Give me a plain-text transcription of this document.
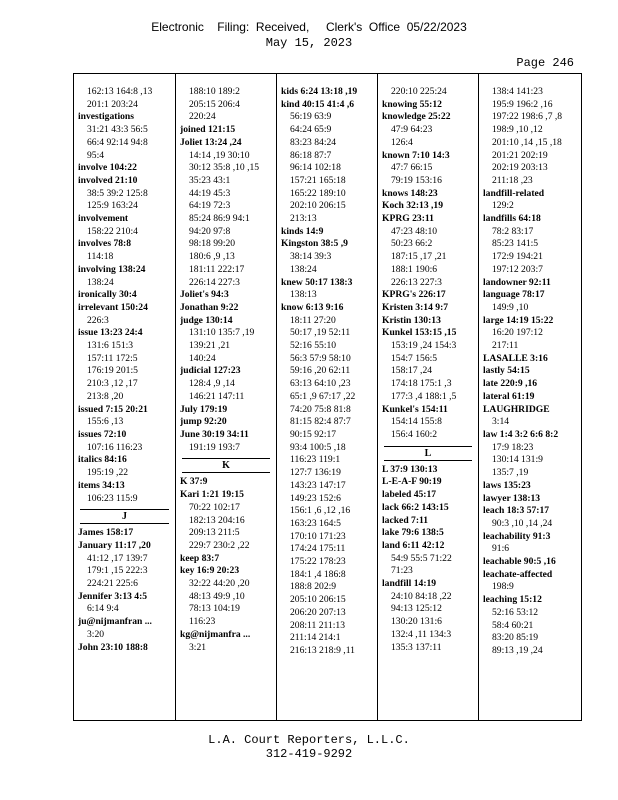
Electronic    Filing:  Received,     Clerk's  Office  05/22/2023
May 15, 2023
Page 246
162:13 164:8 ,13
201:1 203:24
investigations
31:21 43:3 56:5
66:4 92:14 94:8
95:4
involve 104:22
involved 21:10
38:5 39:2 125:8
125:9 163:24
involvement
158:22 210:4
involves 78:8
114:18
involving 138:24
138:24
ironically 30:4
irrelevant 150:24
226:3
issue 13:23 24:4
131:6 151:3
157:11 172:5
176:19 201:5
210:3 ,12 ,17
213:8 ,20
issued 7:15 20:21
155:6 ,13
issues 72:10
107:16 116:23
italics 84:16
195:19 ,22
items 34:13
106:23 115:9
J
James 158:17
January 11:17 ,20
41:12 ,17 139:7
179:1 ,15 222:3
224:21 225:6
Jennifer 3:13 4:5
6:14 9:4
ju@nijmanfran ...
3:20
John 23:10 188:8
188:10 189:2
205:15 206:4
220:24
joined 121:15
Joliet 13:24 ,24
14:14 ,19 30:10
30:12 35:8 ,10 ,15
35:23 43:1
44:19 45:3
64:19 72:3
85:24 86:9 94:1
94:20 97:8
98:18 99:20
180:6 ,9 ,13
181:11 222:17
226:14 227:3
Joliet's 94:3
Jonathan 9:22
judge 130:14
131:10 135:7 ,19
139:21 ,21
140:24
judicial 127:23
128:4 ,9 ,14
146:21 147:11
July 179:19
jump 92:20
June 30:19 34:11
191:19 193:7
K
K 37:9
Kari 1:21 19:15
70:22 102:17
182:13 204:16
209:13 211:5
229:7 230:2 ,22
keep 83:7
key 16:9 20:23
32:22 44:20 ,20
48:13 49:9 ,10
78:13 104:19
116:23
kg@nijmanfra ...
3:21
kids 6:24 13:18 ,19
kind 40:15 41:4 ,6
56:19 63:9
64:24 65:9
83:23 84:24
86:18 87:7
96:14 102:18
157:21 165:18
165:22 189:10
202:10 206:15
213:13
kinds 14:9
Kingston 38:5 ,9
38:14 39:3
138:24
knew 50:17 138:3
138:13
know 6:13 9:16
18:11 27:20
50:17 ,19 52:11
52:16 55:10
56:3 57:9 58:10
59:16 ,20 62:11
63:13 64:10 ,23
65:1 ,9 67:17 ,22
74:20 75:8 81:8
81:15 82:4 87:7
90:15 92:17
93:4 100:5 ,18
116:23 119:1
127:7 136:19
143:23 147:17
149:23 152:6
156:1 ,6 ,12 ,16
163:23 164:5
170:10 171:23
174:24 175:11
175:22 178:23
184:1 ,4 186:8
188:8 202:9
205:10 206:15
206:20 207:13
208:11 211:13
211:14 214:1
216:13 218:9 ,11
220:10 225:24
knowing 55:12
knowledge 25:22
47:9 64:23
126:4
known 7:10 14:3
47:7 66:15
79:19 153:16
knows 148:23
Koch 32:13 ,19
KPRG 23:11
47:23 48:10
50:23 66:2
187:15 ,17 ,21
188:1 190:6
226:13 227:3
KPRG's 226:17
Kristen 3:14 9:7
Kristin 130:13
Kunkel 153:15 ,15
153:19 ,24 154:3
154:7 156:5
158:17 ,24
174:18 175:1 ,3
177:3 ,4 188:1 ,5
Kunkel's 154:11
154:14 155:8
156:4 160:2
L
L 37:9 130:13
L-E-A-F 90:19
labeled 45:17
lack 66:2 143:15
lacked 7:11
lake 79:6 138:5
land 6:11 42:12
54:9 55:5 71:22
71:23
landfill 14:19
24:10 84:18 ,22
94:13 125:12
130:20 131:6
132:4 ,11 134:3
135:3 137:11
138:4 141:23
195:9 196:2 ,16
197:22 198:6 ,7 ,8
198:9 ,10 ,12
201:10 ,14 ,15 ,18
201:21 202:19
202:19 203:13
211:18 ,23
landfill-related
129:2
landfills 64:18
78:2 83:17
85:23 141:5
172:9 194:21
197:12 203:7
landowner 92:11
language 78:17
149:9 ,10
large 14:19 15:22
16:20 197:12
217:11
LASALLE 3:16
lastly 54:15
late 220:9 ,16
lateral 61:19
LAUGHRIDGE
3:14
law 1:4 3:2 6:6 8:2
17:9 18:23
130:14 131:9
135:7 ,19
laws 135:23
lawyer 138:13
leach 18:3 57:17
90:3 ,10 ,14 ,24
leachability 91:3
91:6
leachable 90:5 ,16
leachate-affected
198:9
leaching 15:12
52:16 53:12
58:4 60:21
83:20 85:19
89:13 ,19 ,24
L.A. Court Reporters, L.L.C.
312-419-9292
